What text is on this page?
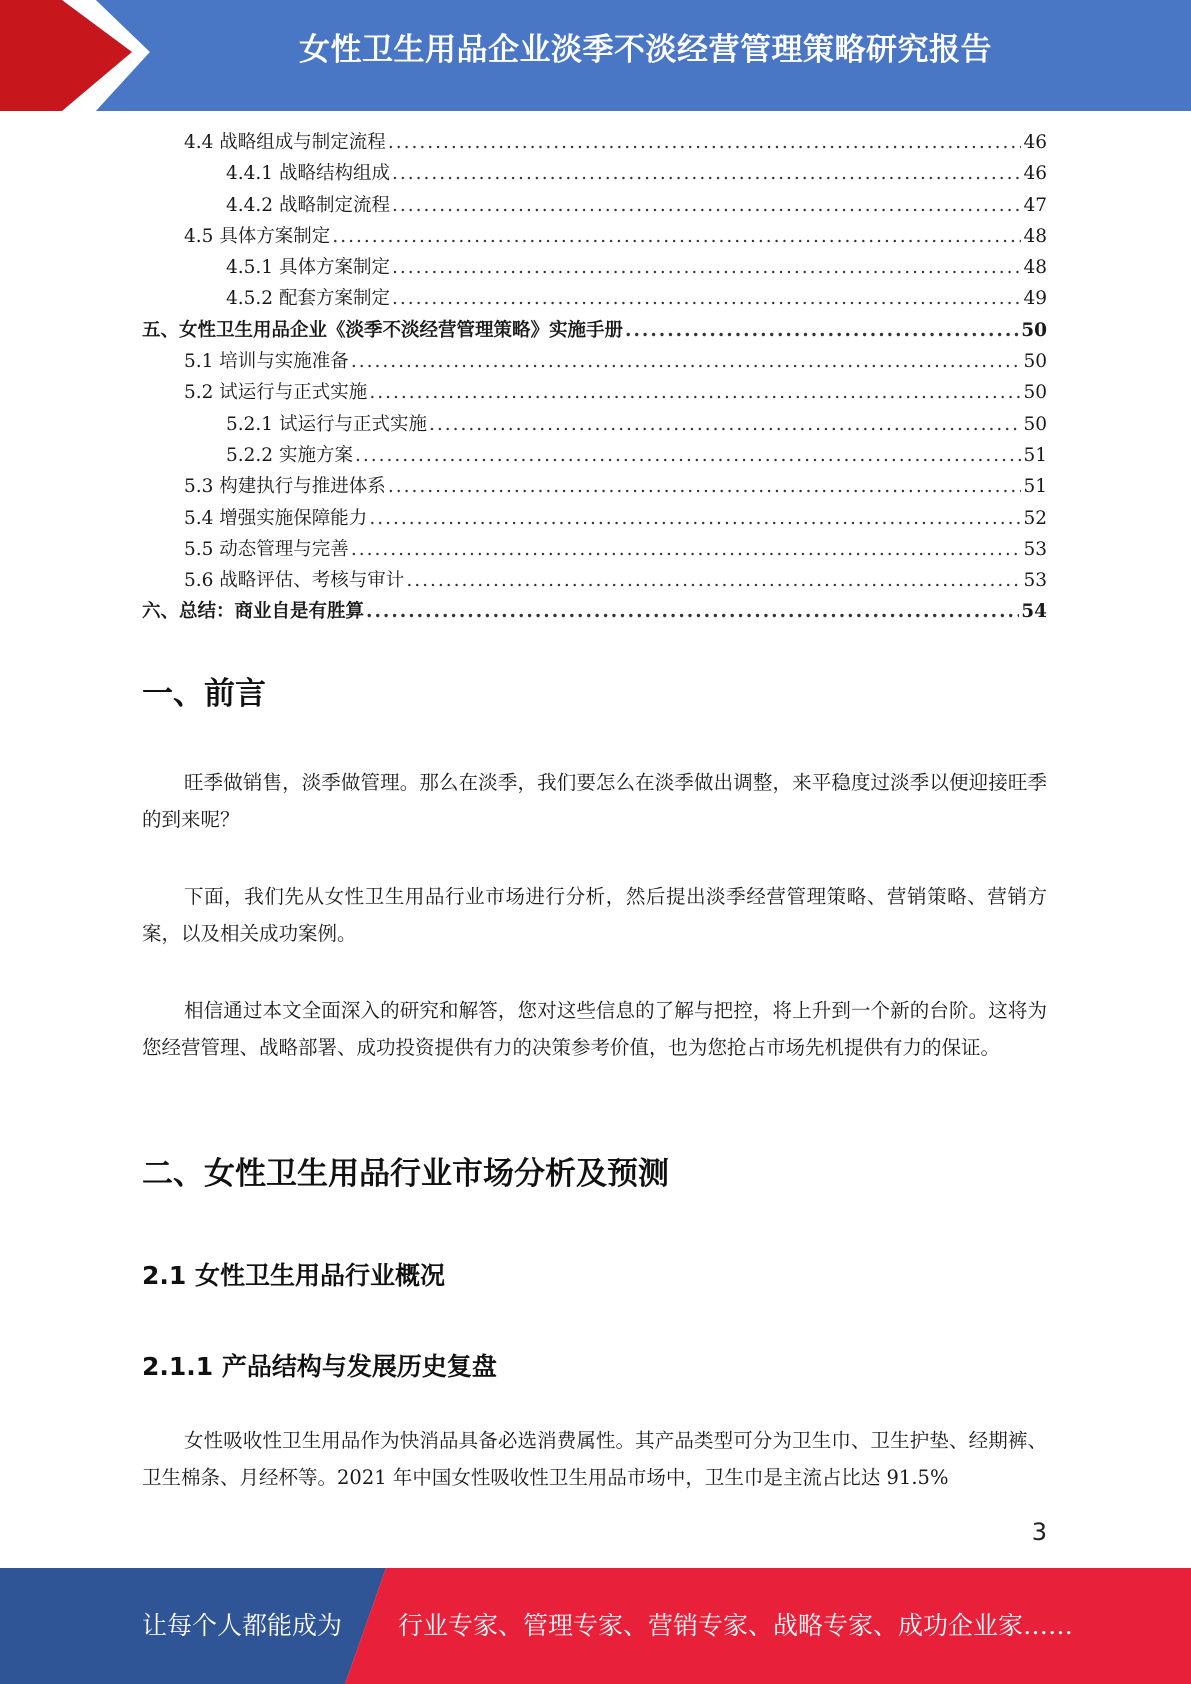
女性卫生用品企业淡季不淡经营管理策略研究报告
4.4 战略组成与制定流程 .....	46
4.4.1 战略结构组成 .....	46
4.4.2 战略制定流程 .....	47
4.5 具体方案制定 .....	48
4.5.1 具体方案制定 .....	48
4.5.2 配套方案制定 .....	49
五、女性卫生用品企业《淡季不淡经营管理策略》实施手册 .....	50
5.1 培训与实施准备 .....	50
5.2 试运行与正式实施 .....	50
5.2.1 试运行与正式实施 .....	50
5.2.2 实施方案 .....	51
5.3 构建执行与推进体系 .....	51
5.4 增强实施保障能力 .....	52
5.5 动态管理与完善 .....	53
5.6 战略评估、考核与审计 .....	53
六、总结：商业自是有胜算 .....	54
一、前言
旺季做销售，淡季做管理。那么在淡季，我们要怎么在淡季做出调整，来平稳度过淡季以便迎接旺季的到来呢？
下面，我们先从女性卫生用品行业市场进行分析，然后提出淡季经营管理策略、营销策略、营销方案，以及相关成功案例。
相信通过本文全面深入的研究和解答，您对这些信息的了解与把控，将上升到一个新的台阶。这将为您经营管理、战略部署、成功投资提供有力的决策参考价值，也为您抢占市场先机提供有力的保证。
二、女性卫生用品行业市场分析及预测
2.1 女性卫生用品行业概况
2.1.1 产品结构与发展历史复盘
女性吸收性卫生用品作为快消品具备必选消费属性。其产品类型可分为卫生巾、卫生护垫、经期裤、卫生棉条、月经杯等。2021 年中国女性吸收性卫生用品市场中，卫生巾是主流占比达 91.5%
3
让每个人都能成为 行业专家、管理专家、营销专家、战略专家、成功企业家……
